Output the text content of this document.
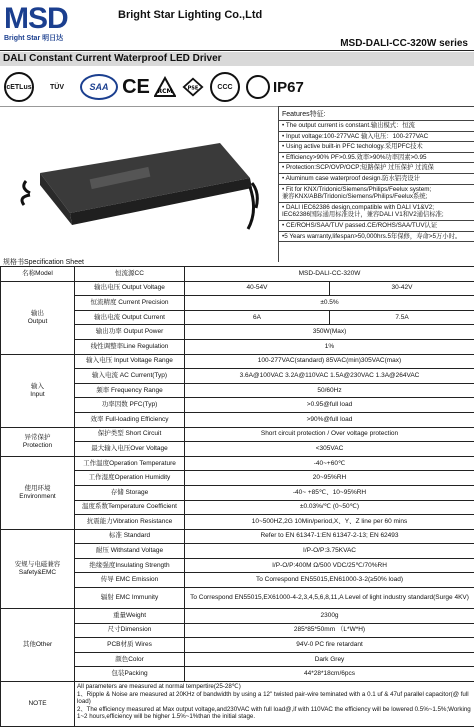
MSD
Bright Star 明日达
Bright Star Lighting Co.,Ltd
MSD-DALI-CC-320W series
DALI Constant Current Waterproof LED Driver
cETLus	TÜV	SAA CE RCM	PSE	CCC	IP67
Features特征:
• The output current is constant.输出模式：恒流
• Input voltage:100-277VAC 输入电压：100-277VAC
• Using active built-in PFC techology.采用PFC技术
• Efficiency>90% PF>0.95.效率>90%功率因素>0.95
• Protection:SCP/OVP/OCP;短路保护 过压保护 过流保
• Aluminum case waterproof design.防水铝壳设计
• Fit for KNX/Tridonic/Siemens/Philips/Feelux system;
兼容KNX/ABB/Tridonic/Siemens/Philips/Feelux系统;
• DALI IEC62386 design,compatible with DALI V1&V2;
IEC62386国际通用标准设计，兼容DALI V1和V2通信标准;
• CE/ROHS/SAA/TUV passed.CE/ROHS/SAA/TUV认证
•5 Years warranty,lifespan>50,000hrs.5年保修，寿命>5万小时。
规格书Specification Sheet
名称Model	恒流源CC	MSD-DALI-CC-320W	
输出
Output	输出电压 Output Voltage	40-54V	30-42V
	恒流精度 Current Precision	±0.5%	
	输出电流 Output Current	6A	7.5A
	输出功率 Output Power	350W(Max)	
	线性调整率Line Regulation	1%	
输入
Input	输入电压 Input Voltage Range	100-277VAC(standard) 85VAC(min)305VAC(max)	
	输入电流 AC Current(Typ)	3.6A@100VAC 3.2A@110VAC 1.5A@230VAC 1.3A@264VAC	
	频率 Frequency Range	50/60Hz	
	功率因数 PFC(Typ)	>0.95@full load	
	效率 Full-loading Efficiency	>90%@full load	
异常保护
Protection	保护类型 Short Circuit	Short circuit protection / Over voltage protection	
	最大输入电压Over Voltage	<305VAC	
使用环境
Environment	工作温度Operation Temperature	-40~+60℃	
	工作湿度Operation Humidity	20~95%RH	
	存储 Storage	-40~ +85℃、10~95%RH	
	温度系数Temperature Coefficient	±0.03%/℃ (0~50℃)	
	抗震能力Vibration Resistance	10~500HZ,2G 10Min/period,X、Y、Z line per 60 mins	
安规与电磁兼容
Safety&EMC	标准 Standard	Refer to EN 61347-1:EN 61347-2-13; EN 62493	
	耐压 Withstand Voltage	I/P-O/P:3.75KVAC	
	绝缘强度Insulating Strength	I/P-O/P:400M Ω/500 VDC/25℃/70%RH	
	传导 EMC Emission	To Correspond EN55015,EN61000-3-2(≥50% load)	
	辐射 EMC Immunity	To Correspond EN55015,EX61000-4-2,3,4,5,6,8,11,A Level of light industry standard(Surge 4KV)	
其他Other	重量Weight	2300g	
	尺寸Dimension	285*85*50mm （L*W*H)	
	PCB材质 Wires	94V-0 PC fire retardant	
	颜色Color	Dark Grey	
	包装Packing	44*28*18cm/6pcs	
NOTE	All parameters are measured at normal tempertire(25-28℃)
1、Ripple & Noise are measured at 20KHz of bandwidth by using a 12" twisted pair-wire teminated with a 0.1 uf & 47uf parallel capacitor(@ full load)
2、The efficiency measured at Max output voltage,and230VAC with full load@,if with 110VAC the efficiency will be lowered 0.5%~1.5%;Working 1~2 hours,efficiency will be higher 1.5%~1%than the initial stage.		
